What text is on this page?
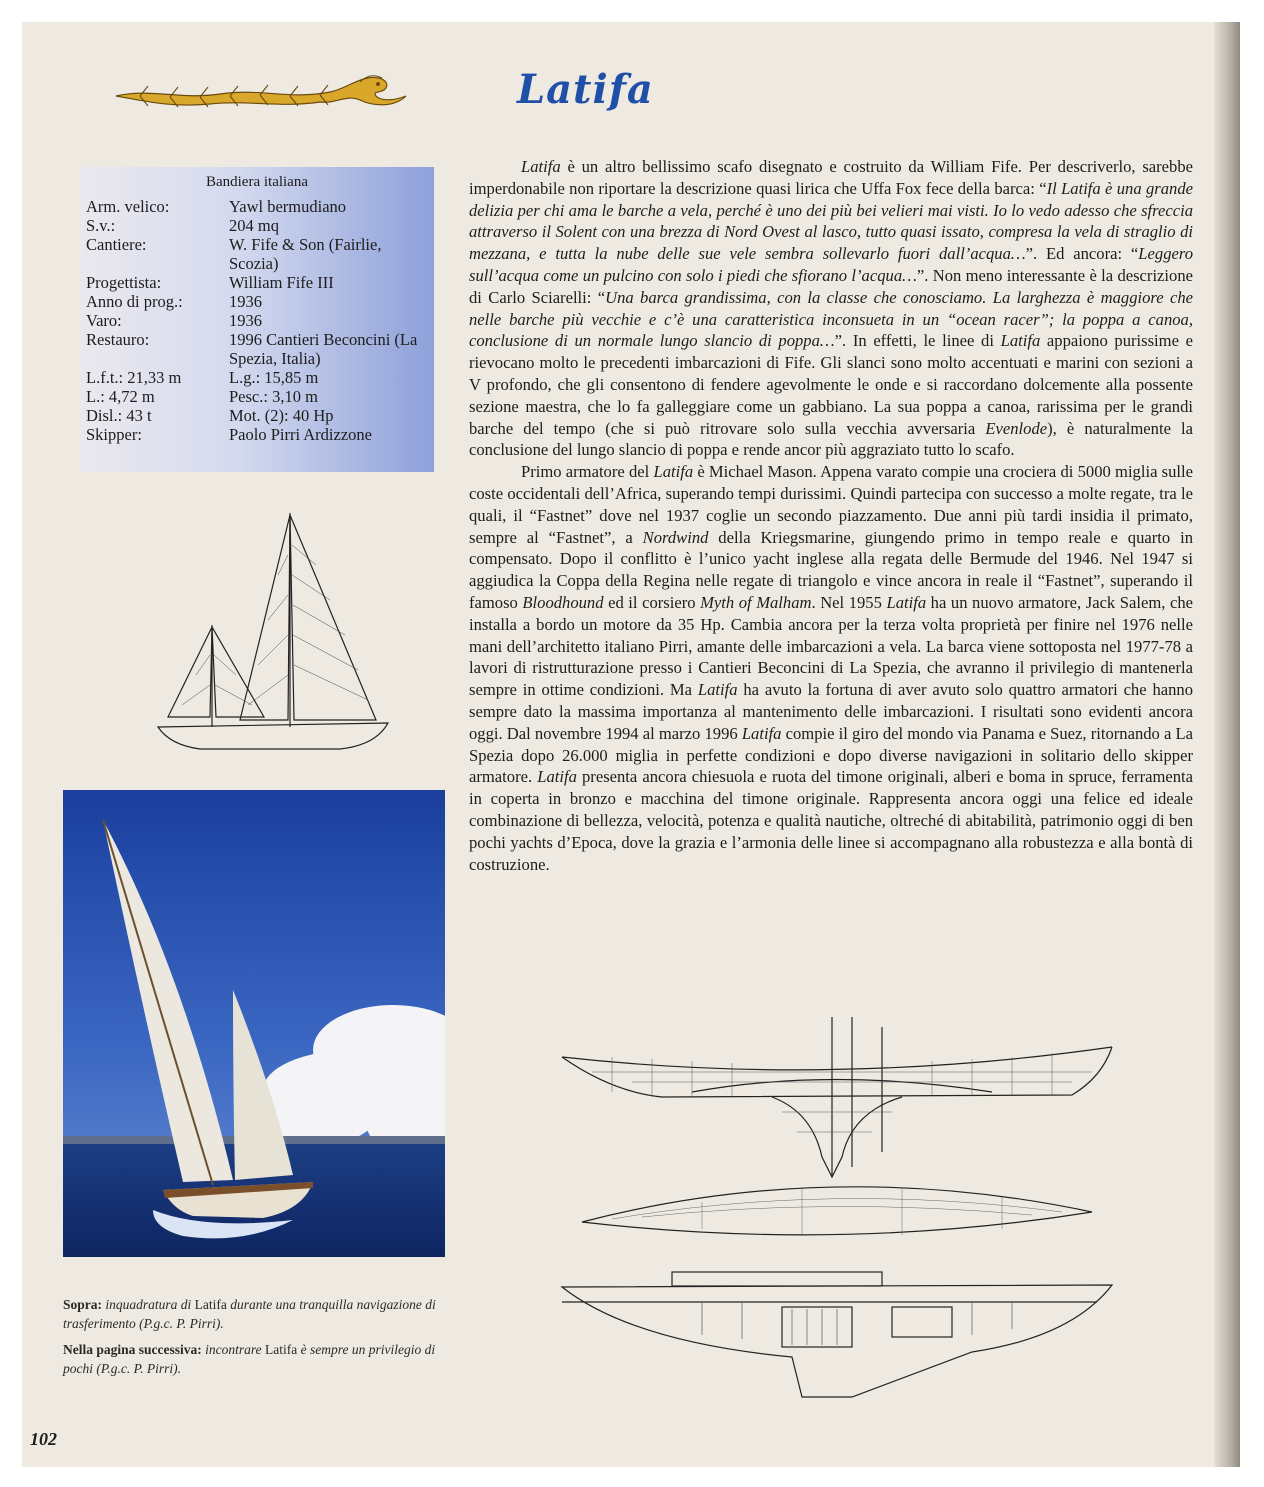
Latifa
Bandiera italiana
Arm. velico:	Yawl bermudiano
S.v.:	204 mq
Cantiere:	W. Fife & Son (Fairlie, Scozia)
Progettista:	William Fife III
Anno di prog.:	1936
Varo:	1936
Restauro:	1996 Cantieri Beconcini (La Spezia, Italia)
L.f.t.: 21,33 m	L.g.: 15,85 m
L.: 4,72 m	Pesc.: 3,10 m
Disl.: 43 t	Mot. (2): 40 Hp
Skipper:	Paolo Pirri Ardizzone

Sopra: inquadratura di Latifa durante una tranquilla navigazione di trasferimento (P.g.c. P. Pirri).

Nella pagina successiva: incontrare Latifa è sempre un privilegio di pochi (P.g.c. P. Pirri).

102

Latifa è un altro bellissimo scafo disegnato e costruito da William Fife. Per descriverlo, sarebbe imperdonabile non riportare la descrizione quasi lirica che Uffa Fox fece della barca: “Il Latifa è una grande delizia per chi ama le barche a vela, perché è uno dei più bei velieri mai visti. Io lo vedo adesso che sfreccia attraverso il Solent con una brezza di Nord Ovest al lasco, tutto quasi issato, compresa la vela di straglio di mezzana, e tutta la nube delle sue vele sembra sollevarlo fuori dall’acqua…”. Ed ancora: “Leggero sull’acqua come un pulcino con solo i piedi che sfiorano l’acqua…”. Non meno interessante è la descrizione di Carlo Sciarelli: “Una barca grandissima, con la classe che conosciamo. La larghezza è maggiore che nelle barche più vecchie e c’è una caratteristica inconsueta in un “ocean racer”; la poppa a canoa, conclusione di un normale lungo slancio di poppa…”. In effetti, le linee di Latifa appaiono purissime e rievocano molto le precedenti imbarcazioni di Fife. Gli slanci sono molto accentuati e marini con sezioni a V profondo, che gli consentono di fendere agevolmente le onde e si raccordano dolcemente alla possente sezione maestra, che lo fa galleggiare come un gabbiano. La sua poppa a canoa, rarissima per le grandi barche del tempo (che si può ritrovare solo sulla vecchia avversaria Evenlode), è naturalmente la conclusione del lungo slancio di poppa e rende ancor più aggraziato tutto lo scafo.

Primo armatore del Latifa è Michael Mason. Appena varato compie una crociera di 5000 miglia sulle coste occidentali dell’Africa, superando tempi durissimi. Quindi partecipa con successo a molte regate, tra le quali, il “Fastnet” dove nel 1937 coglie un secondo piazzamento. Due anni più tardi insidia il primato, sempre al “Fastnet”, a Nordwind della Kriegsmarine, giungendo primo in tempo reale e quarto in compensato. Dopo il conflitto è l’unico yacht inglese alla regata delle Bermude del 1946. Nel 1947 si aggiudica la Coppa della Regina nelle regate di triangolo e vince ancora in reale il “Fastnet”, superando il famoso Bloodhound ed il corsiero Myth of Malham. Nel 1955 Latifa ha un nuovo armatore, Jack Salem, che installa a bordo un motore da 35 Hp. Cambia ancora per la terza volta proprietà per finire nel 1976 nelle mani dell’architetto italiano Pirri, amante delle imbarcazioni a vela. La barca viene sottoposta nel 1977-78 a lavori di ristrutturazione presso i Cantieri Beconcini di La Spezia, che avranno il privilegio di mantenerla sempre in ottime condizioni. Ma Latifa ha avuto la fortuna di aver avuto solo quattro armatori che hanno sempre dato la massima importanza al mantenimento delle imbarcazioni. I risultati sono evidenti ancora oggi. Dal novembre 1994 al marzo 1996 Latifa compie il giro del mondo via Panama e Suez, ritornando a La Spezia dopo 26.000 miglia in perfette condizioni e dopo diverse navigazioni in solitario dello skipper armatore. Latifa presenta ancora chiesuola e ruota del timone originali, alberi e boma in spruce, ferramenta in coperta in bronzo e macchina del timone originale. Rappresenta ancora oggi una felice ed ideale combinazione di bellezza, velocità, potenza e qualità nautiche, oltreché di abitabilità, patrimonio oggi di ben pochi yachts d’Epoca, dove la grazia e l’armonia delle linee si accompagnano alla robustezza e alla bontà di costruzione.
